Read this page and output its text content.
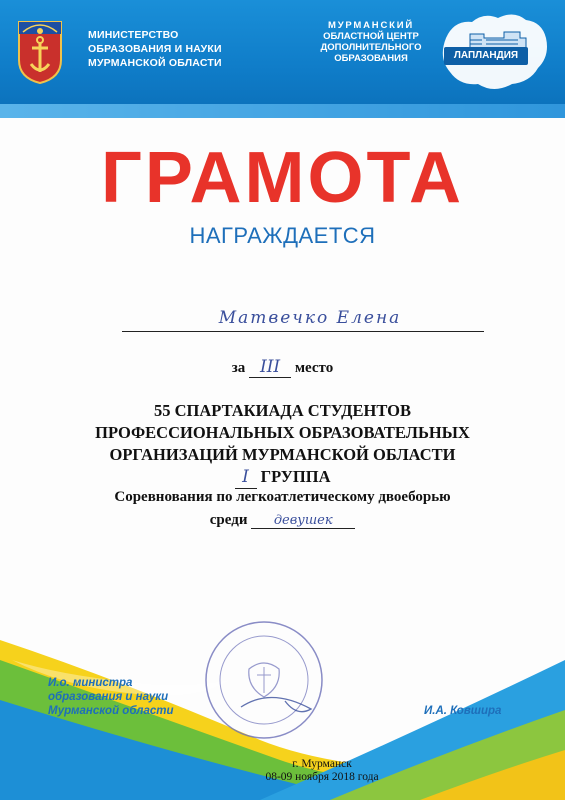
МИНИСТЕРСТВО
ОБРАЗОВАНИЯ И НАУКИ
МУРМАНСКОЙ ОБЛАСТИ
МУРМАНСКИЙ
ОБЛАСТНОЙ ЦЕНТР
ДОПОЛНИТЕЛЬНОГО
ОБРАЗОВАНИЯ	ЛАПЛАНДИЯ
ГРАМОТА
НАГРАЖДАЕТСЯ
Матвечко Елена
за III место
55 СПАРТАКИАДА СТУДЕНТОВ
ПРОФЕССИОНАЛЬНЫХ ОБРАЗОВАТЕЛЬНЫХ
ОРГАНИЗАЦИЙ МУРМАНСКОЙ ОБЛАСТИ
I ГРУППА
Соревнования по легкоатлетическому двоеборью
среди девушек
И.о. министра
образования и науки
Мурманской области	И.А. Ковшира
г. Мурманск
08-09 ноября 2018 года
